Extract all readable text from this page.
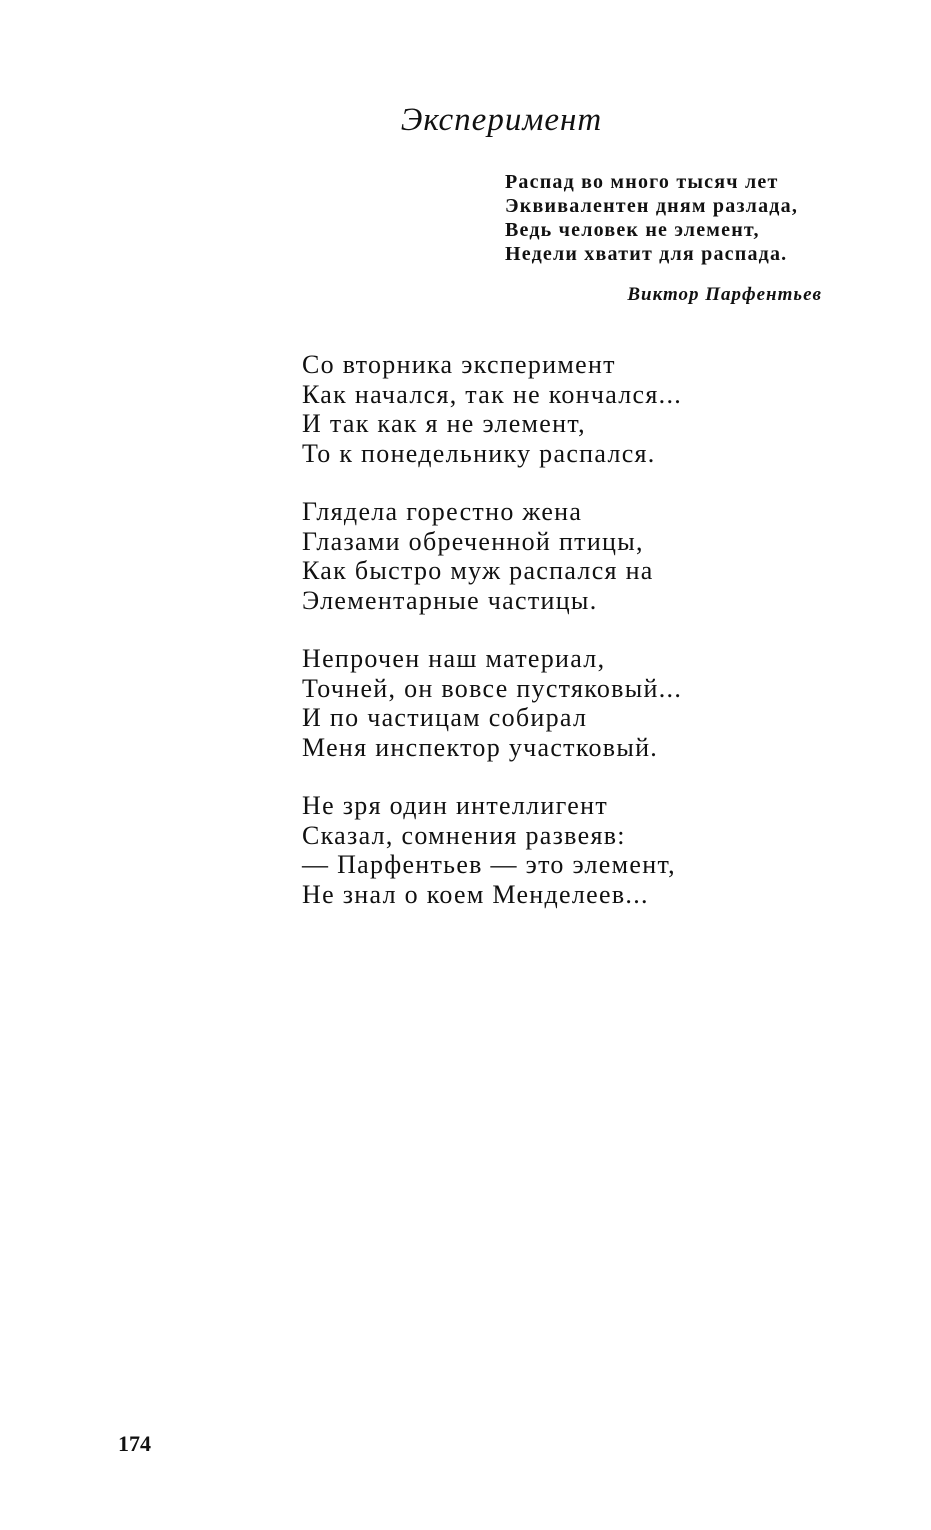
Эксперимент
Распад во много тысяч лет
Эквивалентен дням разлада,
Ведь человек не элемент,
Недели хватит для распада.
Виктор Парфентьев
Со вторника эксперимент
Как начался, так не кончался...
И так как я не элемент,
То к понедельнику распался.
Глядела горестно жена
Глазами обреченной птицы,
Как быстро муж распался на
Элементарные частицы.
Непрочен наш материал,
Точней, он вовсе пустяковый...
И по частицам собирал
Меня инспектор участковый.
Не зря один интеллигент
Сказал, сомнения развеяв:
— Парфентьев — это элемент,
Не знал о коем Менделеев...
174
